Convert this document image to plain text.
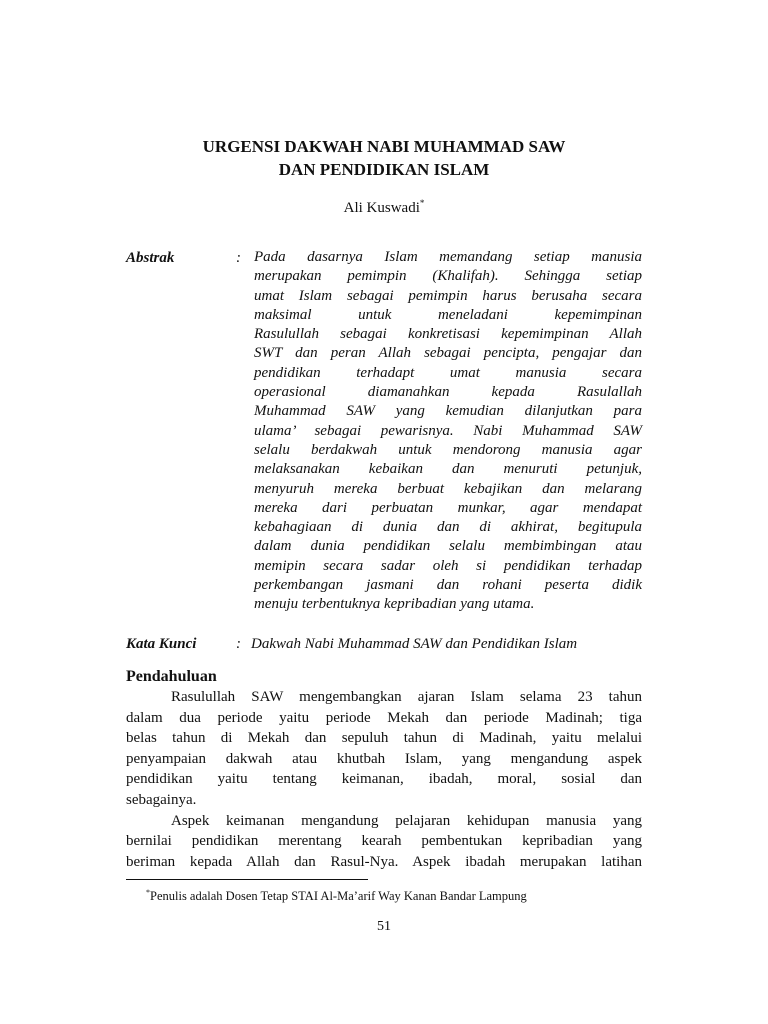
URGENSI DAKWAH NABI MUHAMMAD SAW
DAN PENDIDIKAN ISLAM
Ali Kuswadi*
Abstrak	: Pada dasarnya Islam memandang setiap manusia
merupakan pemimpin (Khalifah). Sehingga setiap
umat Islam sebagai pemimpin harus berusaha secara
maksimal untuk meneladani kepemimpinan
Rasulullah sebagai konkretisasi kepemimpinan Allah
SWT dan peran Allah sebagai pencipta, pengajar dan
pendidikan terhadapt umat manusia secara
operasional diamanahkan kepada Rasulallah
Muhammad SAW yang kemudian dilanjutkan para
ulama’ sebagai pewarisnya. Nabi Muhammad SAW
selalu berdakwah untuk mendorong manusia agar
melaksanakan kebaikan dan menuruti petunjuk,
menyuruh mereka berbuat kebajikan dan melarang
mereka dari perbuatan munkar, agar mendapat
kebahagiaan di dunia dan di akhirat, begitupula
dalam dunia pendidikan selalu membimbingan atau
memipin secara sadar oleh si pendidikan terhadap
perkembangan jasmani dan rohani peserta didik
menuju terbentuknya kepribadian yang utama.
Kata Kunci	: Dakwah Nabi Muhammad SAW dan Pendidikan Islam
Pendahuluan
Rasulullah SAW mengembangkan ajaran Islam selama 23 tahun
dalam dua periode yaitu periode Mekah dan periode Madinah; tiga
belas tahun di Mekah dan sepuluh tahun di Madinah, yaitu melalui
penyampaian dakwah atau khutbah Islam, yang mengandung aspek
pendidikan yaitu tentang keimanan, ibadah, moral, sosial dan
sebagainya.
Aspek keimanan mengandung pelajaran kehidupan manusia yang
bernilai pendidikan merentang kearah pembentukan kepribadian yang
beriman kepada Allah dan Rasul-Nya. Aspek ibadah merupakan latihan
*Penulis adalah Dosen Tetap STAI Al-Ma’arif Way Kanan Bandar Lampung
51
